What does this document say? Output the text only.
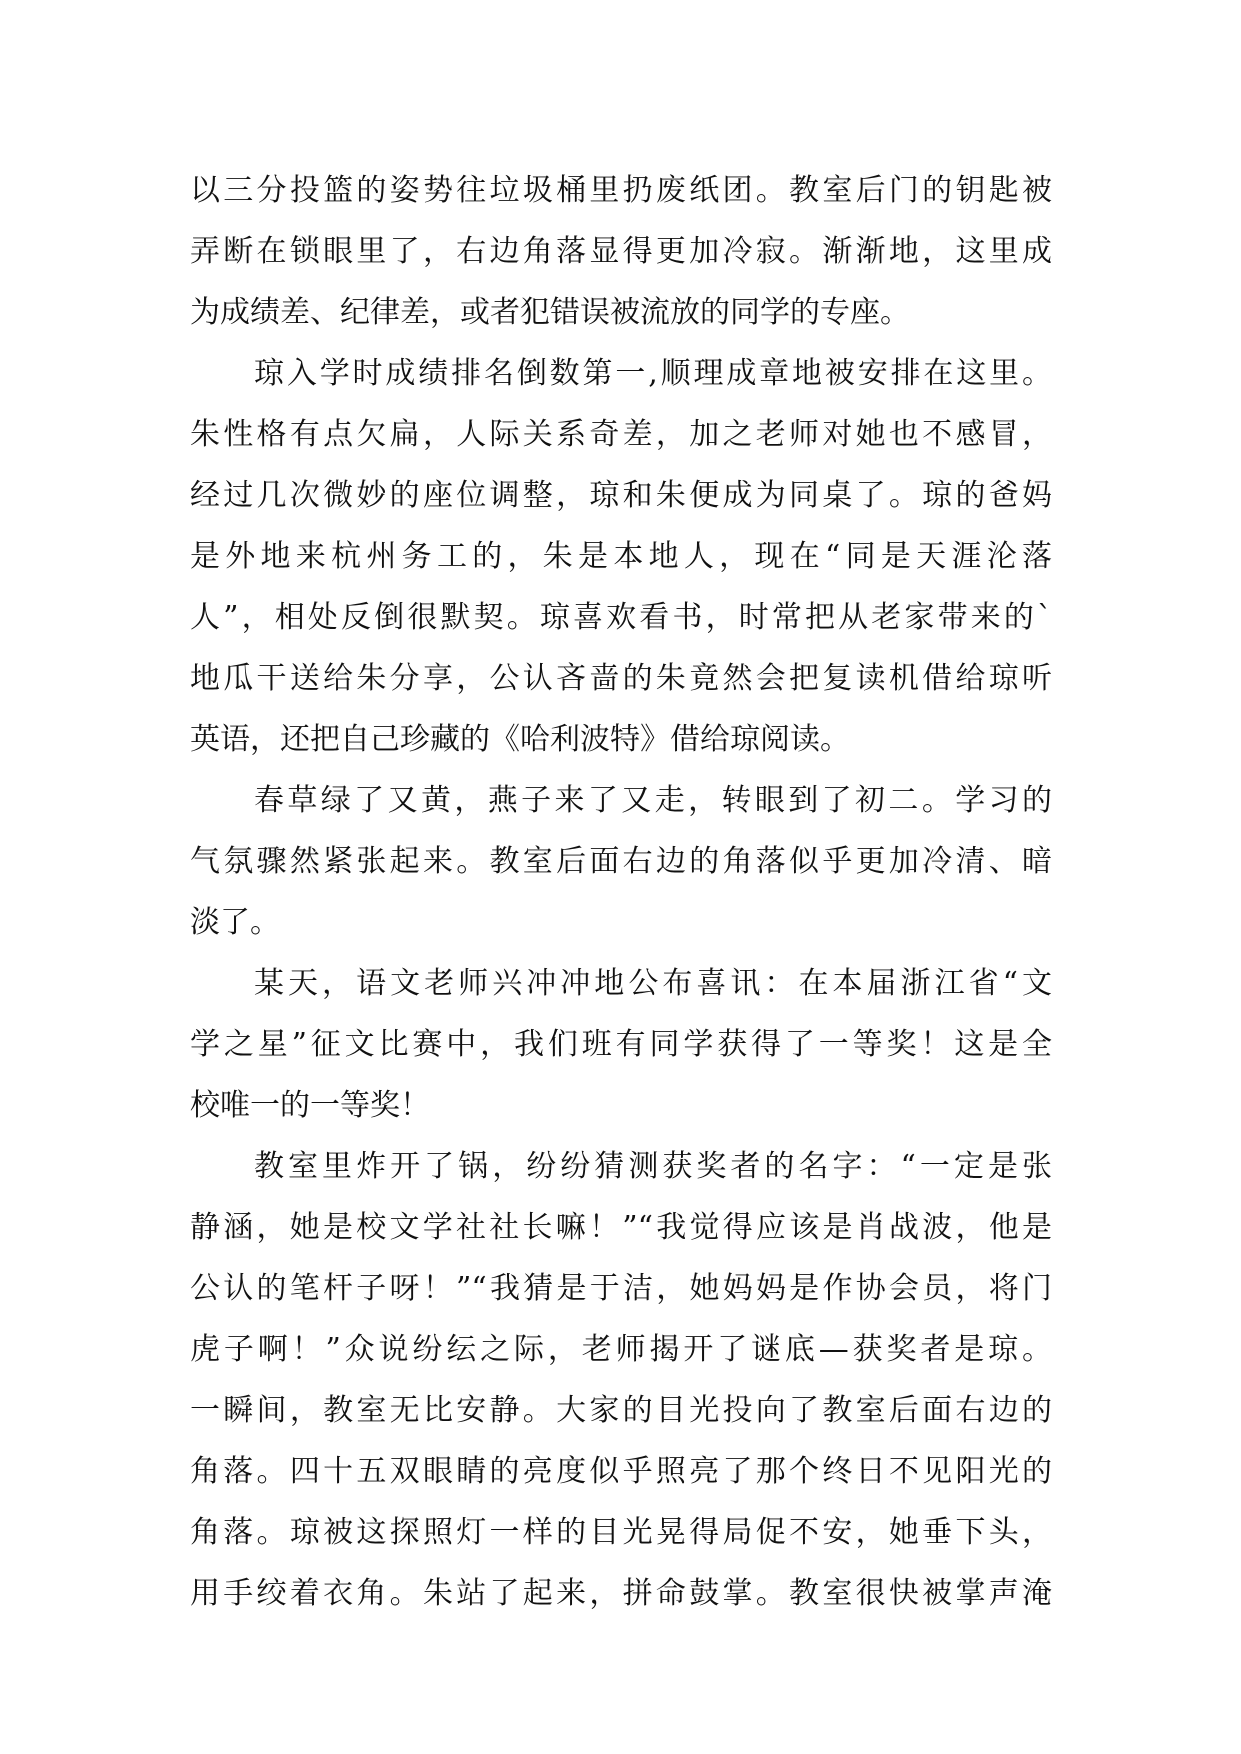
以三分投篮的姿势往垃圾桶里扔废纸团。教室后门的钥匙被
弄断在锁眼里了，右边角落显得更加冷寂。渐渐地，这里成
为成绩差、纪律差，或者犯错误被流放的同学的专座。
琼入学时成绩排名倒数第一,顺理成章地被安排在这里。
朱性格有点欠扁，人际关系奇差，加之老师对她也不感冒，
经过几次微妙的座位调整，琼和朱便成为同桌了。琼的爸妈
是外地来杭州务工的，朱是本地人，现在“同是天涯沦落
人”，相处反倒很默契。琼喜欢看书，时常把从老家带来的`
地瓜干送给朱分享，公认吝啬的朱竟然会把复读机借给琼听
英语，还把自己珍藏的《哈利波特》借给琼阅读。
春草绿了又黄，燕子来了又走，转眼到了初二。学习的
气氛骤然紧张起来。教室后面右边的角落似乎更加冷清、暗
淡了。
某天，语文老师兴冲冲地公布喜讯：在本届浙江省“文
学之星”征文比赛中，我们班有同学获得了一等奖！这是全
校唯一的一等奖！
教室里炸开了锅，纷纷猜测获奖者的名字：“一定是张
静涵，她是校文学社社长嘛！”“我觉得应该是肖战波，他是
公认的笔杆子呀！”“我猜是于洁，她妈妈是作协会员，将门
虎子啊！”众说纷纭之际，老师揭开了谜底—获奖者是琼。
一瞬间，教室无比安静。大家的目光投向了教室后面右边的
角落。四十五双眼睛的亮度似乎照亮了那个终日不见阳光的
角落。琼被这探照灯一样的目光晃得局促不安，她垂下头，
用手绞着衣角。朱站了起来，拼命鼓掌。教室很快被掌声淹
